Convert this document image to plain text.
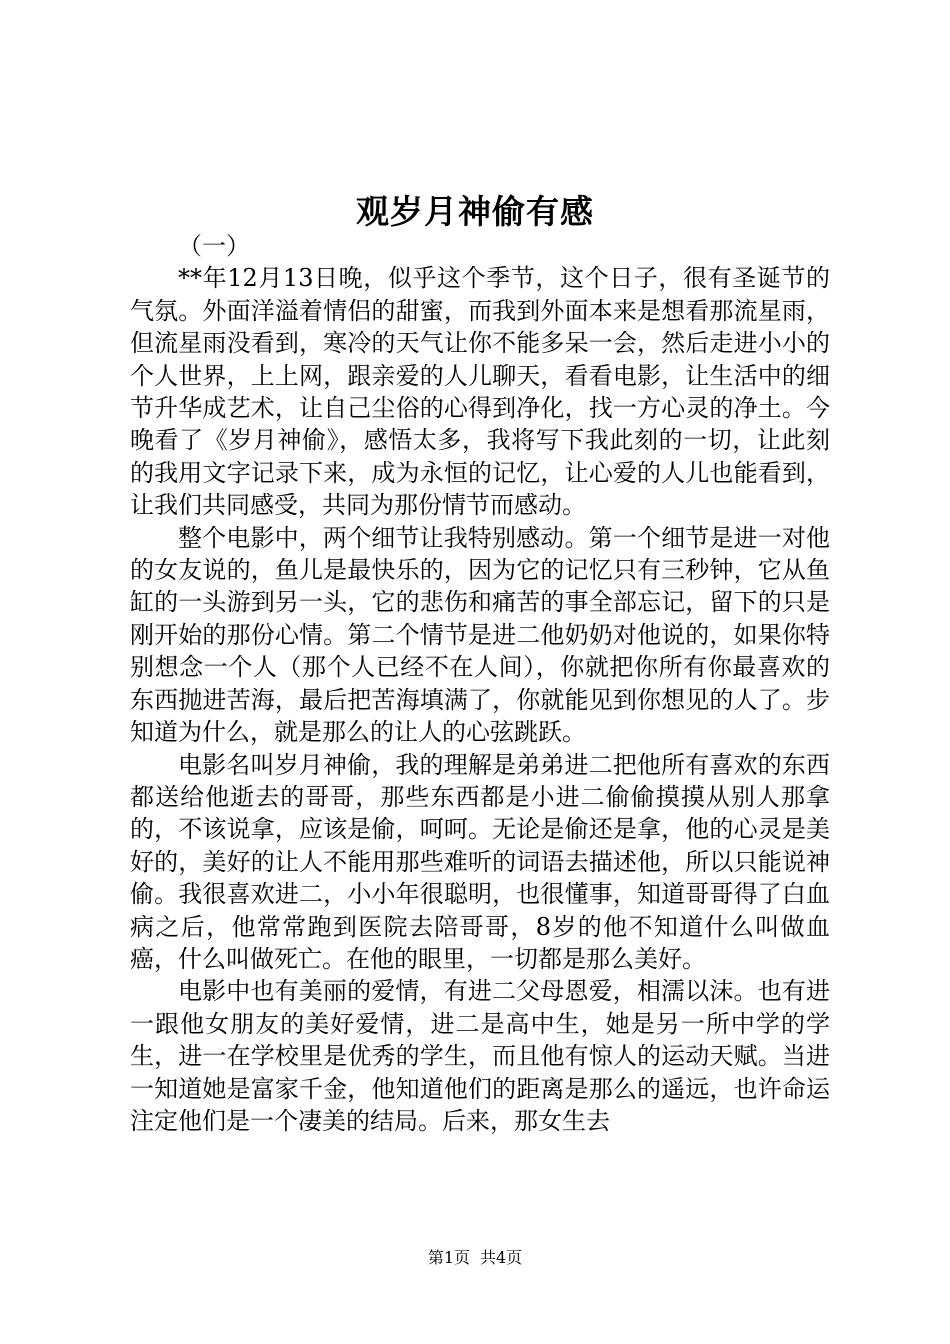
观岁月神偷有感

（一）

**年12月13日晚，似乎这个季节，这个日子，很有圣诞节的气氛。外面洋溢着情侣的甜蜜，而我到外面本来是想看那流星雨，但流星雨没看到，寒冷的天气让你不能多呆一会，然后走进小小的个人世界，上上网，跟亲爱的人儿聊天，看看电影，让生活中的细节升华成艺术，让自己尘俗的心得到净化，找一方心灵的净土。今晚看了《岁月神偷》，感悟太多，我将写下我此刻的一切，让此刻的我用文字记录下来，成为永恒的记忆，让心爱的人儿也能看到，让我们共同感受，共同为那份情节而感动。

整个电影中，两个细节让我特别感动。第一个细节是进一对他的女友说的，鱼儿是最快乐的，因为它的记忆只有三秒钟，它从鱼缸的一头游到另一头，它的悲伤和痛苦的事全部忘记，留下的只是刚开始的那份心情。第二个情节是进二他奶奶对他说的，如果你特别想念一个人（那个人已经不在人间），你就把你所有你最喜欢的东西抛进苦海，最后把苦海填满了，你就能见到你想见的人了。步知道为什么，就是那么的让人的心弦跳跃。

电影名叫岁月神偷，我的理解是弟弟进二把他所有喜欢的东西都送给他逝去的哥哥，那些东西都是小进二偷偷摸摸从别人那拿的，不该说拿，应该是偷，呵呵。无论是偷还是拿，他的心灵是美好的，美好的让人不能用那些难听的词语去描述他，所以只能说神偷。我很喜欢进二，小小年很聪明，也很懂事，知道哥哥得了白血病之后，他常常跑到医院去陪哥哥，8岁的他不知道什么叫做血癌，什么叫做死亡。在他的眼里，一切都是那么美好。

电影中也有美丽的爱情，有进二父母恩爱，相濡以沫。也有进一跟他女朋友的美好爱情，进二是高中生，她是另一所中学的学生，进一在学校里是优秀的学生，而且他有惊人的运动天赋。当进一知道她是富家千金，他知道他们的距离是那么的遥远，也许命运注定他们是一个凄美的结局。后来，那女生去

第1页 共4页
